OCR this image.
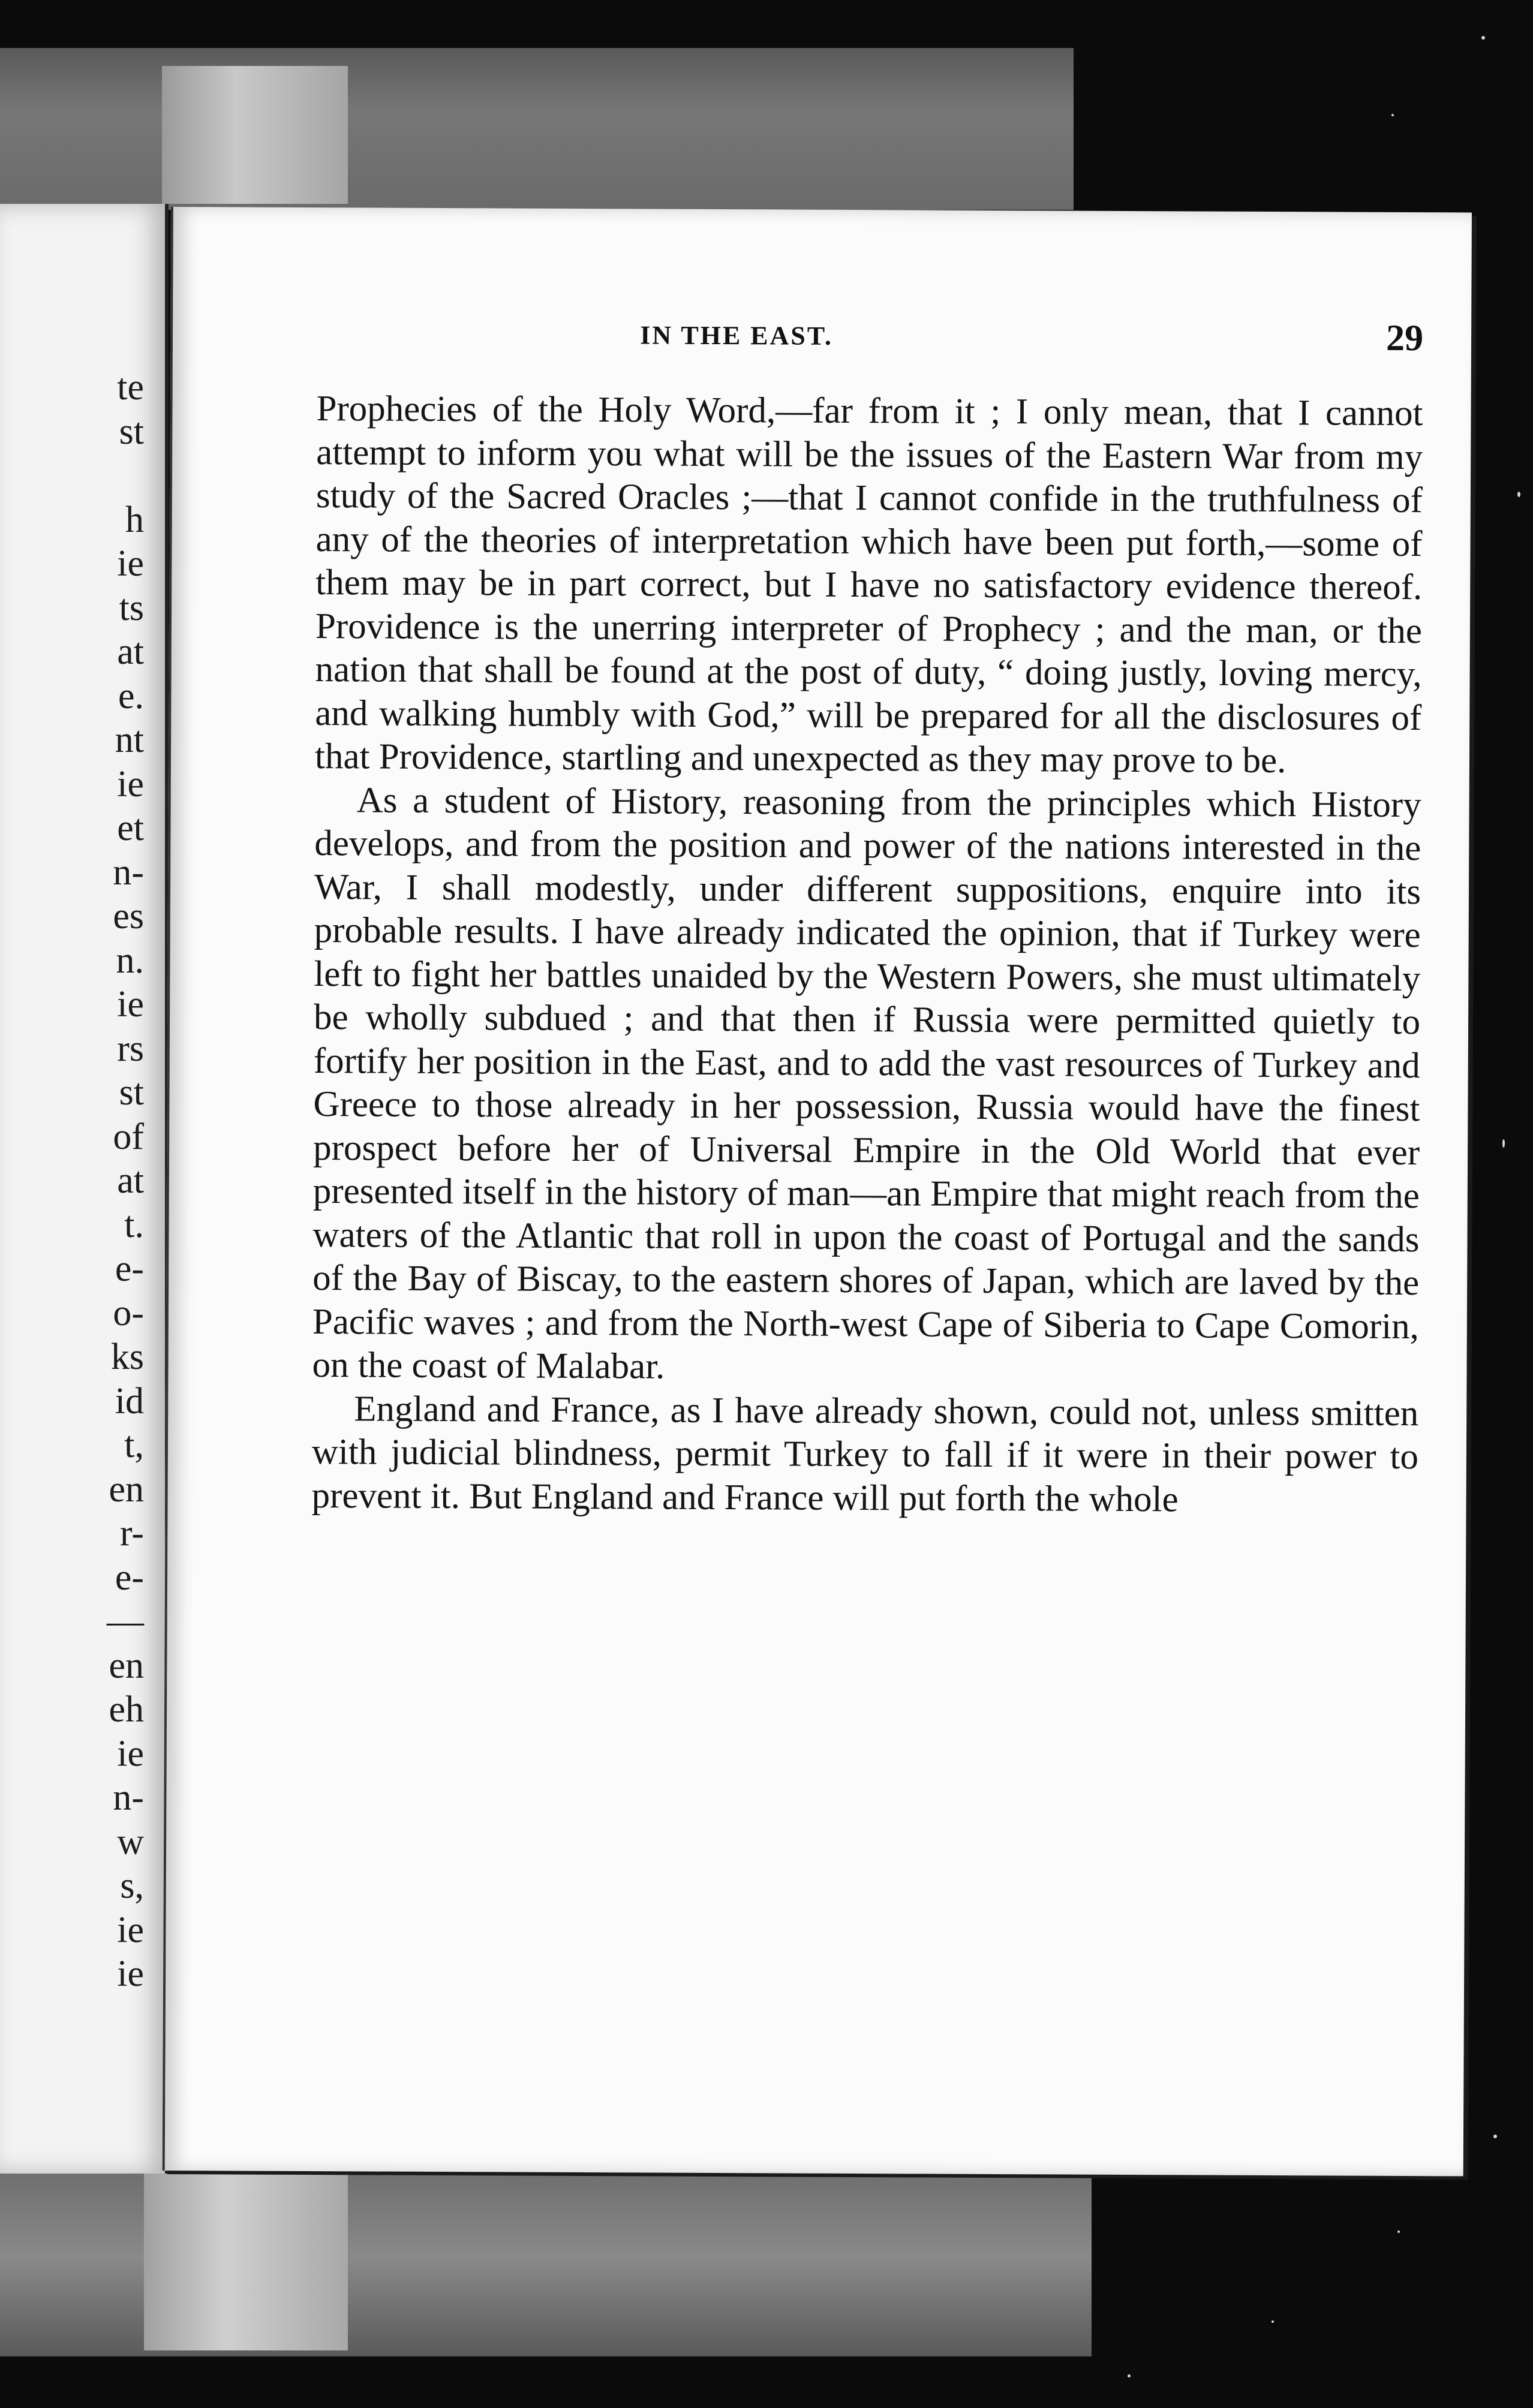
te
st
h
ie
ts
at
e.
nt
ie
et
n-
es
n.
ie
rs
st
of
at
t.
e-
o-
ks
id
t,
en
r-
e-
—
en
eh
ie
n-
w
s,
ie
ie
IN THE EAST.	29

Prophecies of the Holy Word,—far from it ; I only mean, that I cannot attempt to inform you what will be the issues of the Eastern War from my study of the Sacred Oracles ;—that I cannot confide in the truthfulness of any of the theories of interpretation which have been put forth,—some of them may be in part correct, but I have no satisfactory evidence thereof. Providence is the unerring interpreter of Prophecy ; and the man, or the nation that shall be found at the post of duty, “ doing justly, loving mercy, and walking humbly with God,” will be prepared for all the disclosures of that Providence, startling and unexpected as they may prove to be.

As a student of History, reasoning from the principles which History develops, and from the position and power of the nations interested in the War, I shall modestly, under different suppositions, enquire into its probable results. I have already indicated the opinion, that if Turkey were left to fight her battles unaided by the Western Powers, she must ultimately be wholly subdued ; and that then if Russia were permitted quietly to fortify her position in the East, and to add the vast resources of Turkey and Greece to those already in her possession, Russia would have the finest prospect before her of Universal Empire in the Old World that ever presented itself in the history of man—an Empire that might reach from the waters of the Atlantic that roll in upon the coast of Portugal and the sands of the Bay of Biscay, to the eastern shores of Japan, which are laved by the Pacific waves ; and from the North-west Cape of Siberia to Cape Comorin, on the coast of Malabar.

England and France, as I have already shown, could not, unless smitten with judicial blindness, permit Turkey to fall if it were in their power to prevent it. But England and France will put forth the whole
